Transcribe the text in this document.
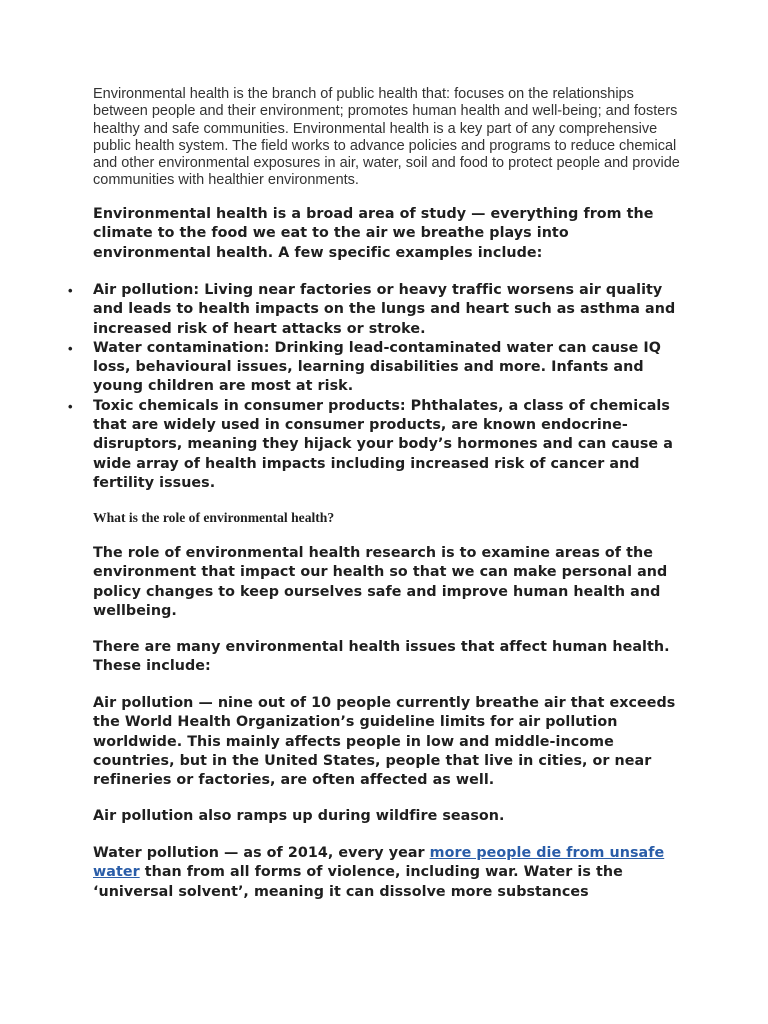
Environmental health is the branch of public health that: focuses on the relationships between people and their environment; promotes human health and well-being; and fosters healthy and safe communities. Environmental health is a key part of any comprehensive public health system. The field works to advance policies and programs to reduce chemical and other environmental exposures in air, water, soil and food to protect people and provide communities with healthier environments.

Environmental health is a broad area of study — everything from the climate to the food we eat to the air we breathe plays into environmental health. A few specific examples include:

•	Air pollution: Living near factories or heavy traffic worsens air quality and leads to health impacts on the lungs and heart such as asthma and increased risk of heart attacks or stroke.
•	Water contamination: Drinking lead-contaminated water can cause IQ loss, behavioural issues, learning disabilities and more. Infants and young children are most at risk.
•	Toxic chemicals in consumer products: Phthalates, a class of chemicals that are widely used in consumer products, are known endocrine-disruptors, meaning they hijack your body’s hormones and can cause a wide array of health impacts including increased risk of cancer and fertility issues.

What is the role of environmental health?

The role of environmental health research is to examine areas of the environment that impact our health so that we can make personal and policy changes to keep ourselves safe and improve human health and wellbeing.

There are many environmental health issues that affect human health. These include:

Air pollution — nine out of 10 people currently breathe air that exceeds the World Health Organization’s guideline limits for air pollution worldwide. This mainly affects people in low and middle-income countries, but in the United States, people that live in cities, or near refineries or factories, are often affected as well.

Air pollution also ramps up during wildfire season.

Water pollution — as of 2014, every year more people die from unsafe water than from all forms of violence, including war. Water is the ‘universal solvent’, meaning it can dissolve more substances
